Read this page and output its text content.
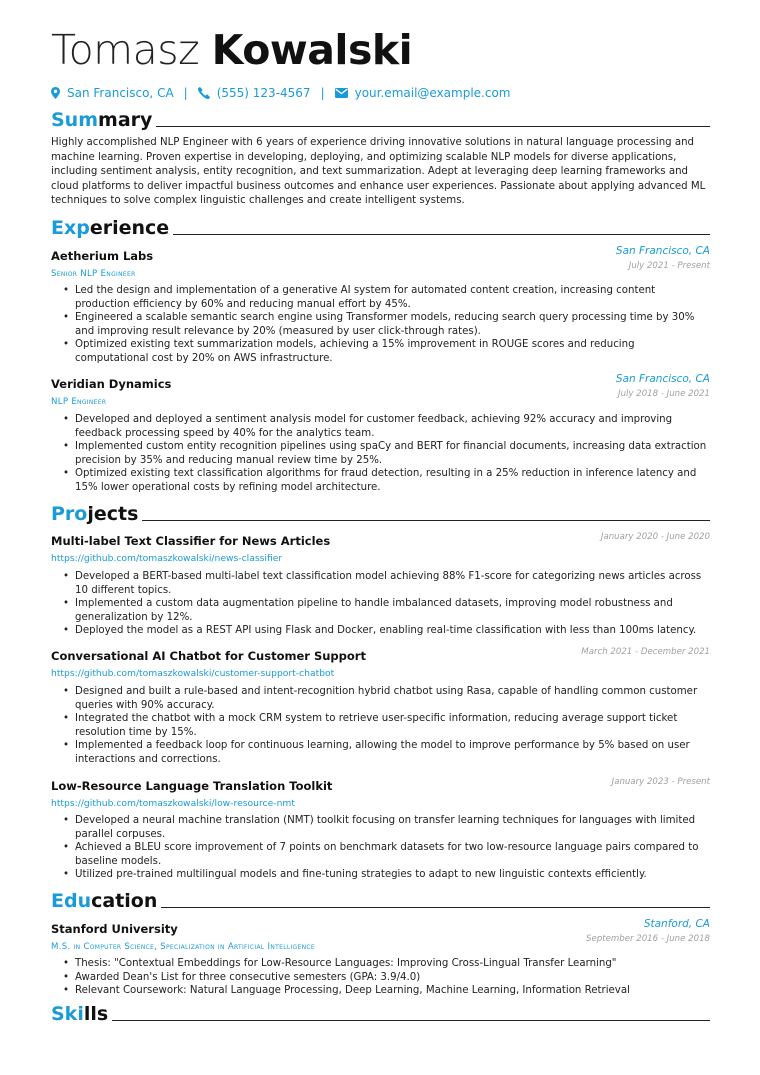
Tomasz Kowalski
San Francisco, CA | (555) 123-4567 |	your.email@example.com
Summary
Highly accomplished NLP Engineer with 6 years of experience driving innovative solutions in natural language processing and machine learning. Proven expertise in developing, deploying, and optimizing scalable NLP models for diverse applications, including sentiment analysis, entity recognition, and text summarization. Adept at leveraging deep learning frameworks and cloud platforms to deliver impactful business outcomes and enhance user experiences. Passionate about applying advanced ML techniques to solve complex linguistic challenges and create intelligent systems.
Experience
Aetherium Labs	San Francisco, CA
Senior NLP Engineer
July 2021 - Present
• Led the design and implementation of a generative AI system for automated content creation, increasing content production efficiency by 60% and reducing manual effort by 45%.
• Engineered a scalable semantic search engine using Transformer models, reducing search query processing time by 30% and improving result relevance by 20% (measured by user click-through rates).
• Optimized existing text summarization models, achieving a 15% improvement in ROUGE scores and reducing computational cost by 20% on AWS infrastructure.
Veridian Dynamics	San Francisco, CA
NLP Engineer
July 2018 - June 2021
• Developed and deployed a sentiment analysis model for customer feedback, achieving 92% accuracy and improving feedback processing speed by 40% for the analytics team.
• Implemented custom entity recognition pipelines using spaCy and BERT for financial documents, increasing data extraction precision by 35% and reducing manual review time by 25%.
• Optimized existing text classification algorithms for fraud detection, resulting in a 25% reduction in inference latency and 15% lower operational costs by refining model architecture.
Projects
Multi-label Text Classifier for News Articles	January 2020 - June 2020
https://github.com/tomaszkowalski/news-classifier
• Developed a BERT-based multi-label text classification model achieving 88% F1-score for categorizing news articles across 10 different topics.
• Implemented a custom data augmentation pipeline to handle imbalanced datasets, improving model robustness and generalization by 12%.
• Deployed the model as a REST API using Flask and Docker, enabling real-time classification with less than 100ms latency.
Conversational AI Chatbot for Customer Support	March 2021 - December 2021
https://github.com/tomaszkowalski/customer-support-chatbot
• Designed and built a rule-based and intent-recognition hybrid chatbot using Rasa, capable of handling common customer queries with 90% accuracy.
• Integrated the chatbot with a mock CRM system to retrieve user-specific information, reducing average support ticket resolution time by 15%.
• Implemented a feedback loop for continuous learning, allowing the model to improve performance by 5% based on user interactions and corrections.
Low-Resource Language Translation Toolkit	January 2023 - Present
https://github.com/tomaszkowalski/low-resource-nmt
• Developed a neural machine translation (NMT) toolkit focusing on transfer learning techniques for languages with limited parallel corpuses.
• Achieved a BLEU score improvement of 7 points on benchmark datasets for two low-resource language pairs compared to baseline models.
• Utilized pre-trained multilingual models and fine-tuning strategies to adapt to new linguistic contexts efficiently.
Education
Stanford University	Stanford, CA
M.S. in Computer Science, Specialization in Artificial Intelligence
September 2016 - June 2018
• Thesis: "Contextual Embeddings for Low-Resource Languages: Improving Cross-Lingual Transfer Learning"
• Awarded Dean's List for three consecutive semesters (GPA: 3.9/4.0)
• Relevant Coursework: Natural Language Processing, Deep Learning, Machine Learning, Information Retrieval
Skills
